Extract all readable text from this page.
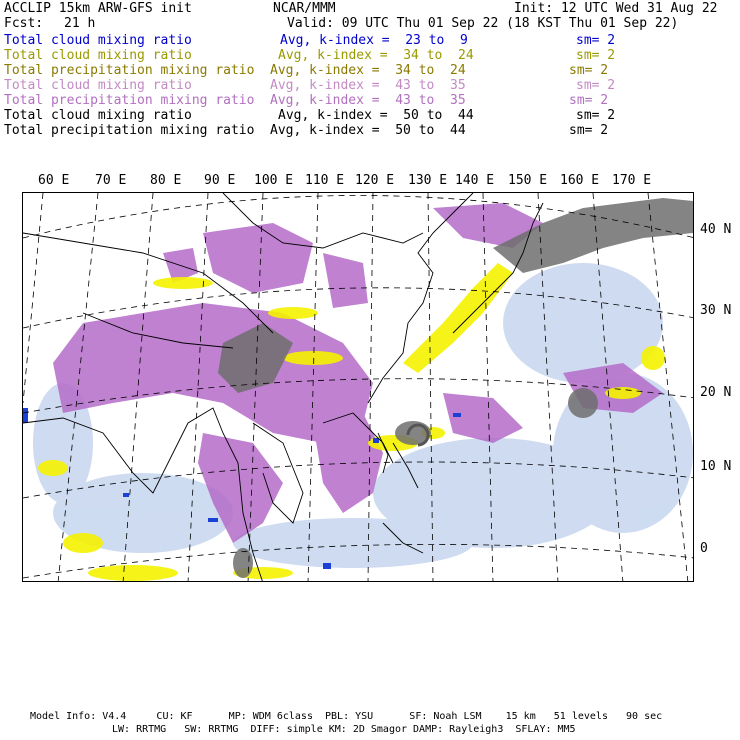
ACCLIP 15km ARW-GFS init	NCAR/MMM	Init: 12 UTC Wed 31 Aug 22
Fcst: 21 h	Valid: 09 UTC Thu 01 Sep 22 (18 KST Thu 01 Sep 22)
Total cloud mixing ratio	Avg, k-index =  23 to  9	sm= 2
Total cloud mixing ratio	Avg, k-index =  34 to  24	sm= 2
Total precipitation mixing ratio Avg, k-index =  34 to  24	sm= 2
Total cloud mixing ratio	Avg, k-index =  43 to  35	sm= 2
Total precipitation mixing ratio Avg, k-index =  43 to  35	sm= 2
Total cloud mixing ratio	Avg, k-index =  50 to  44	sm= 2
Total precipitation mixing ratio Avg, k-index =  50 to  44	sm= 2
60 E 70 E 80 E 90 E 100 E 110 E 120 E 130 E 140 E 150 E 160 E 170 E
40 N
30 N
20 N
10 N
0
Model Info: V4.4     CU: KF      MP: WDM 6class  PBL: YSU      SF: Noah LSM    15 km   51 levels   90 sec
LW: RRTMG   SW: RRTMG  DIFF: simple KM: 2D Smagor DAMP: Rayleigh3  SFLAY: MM5
